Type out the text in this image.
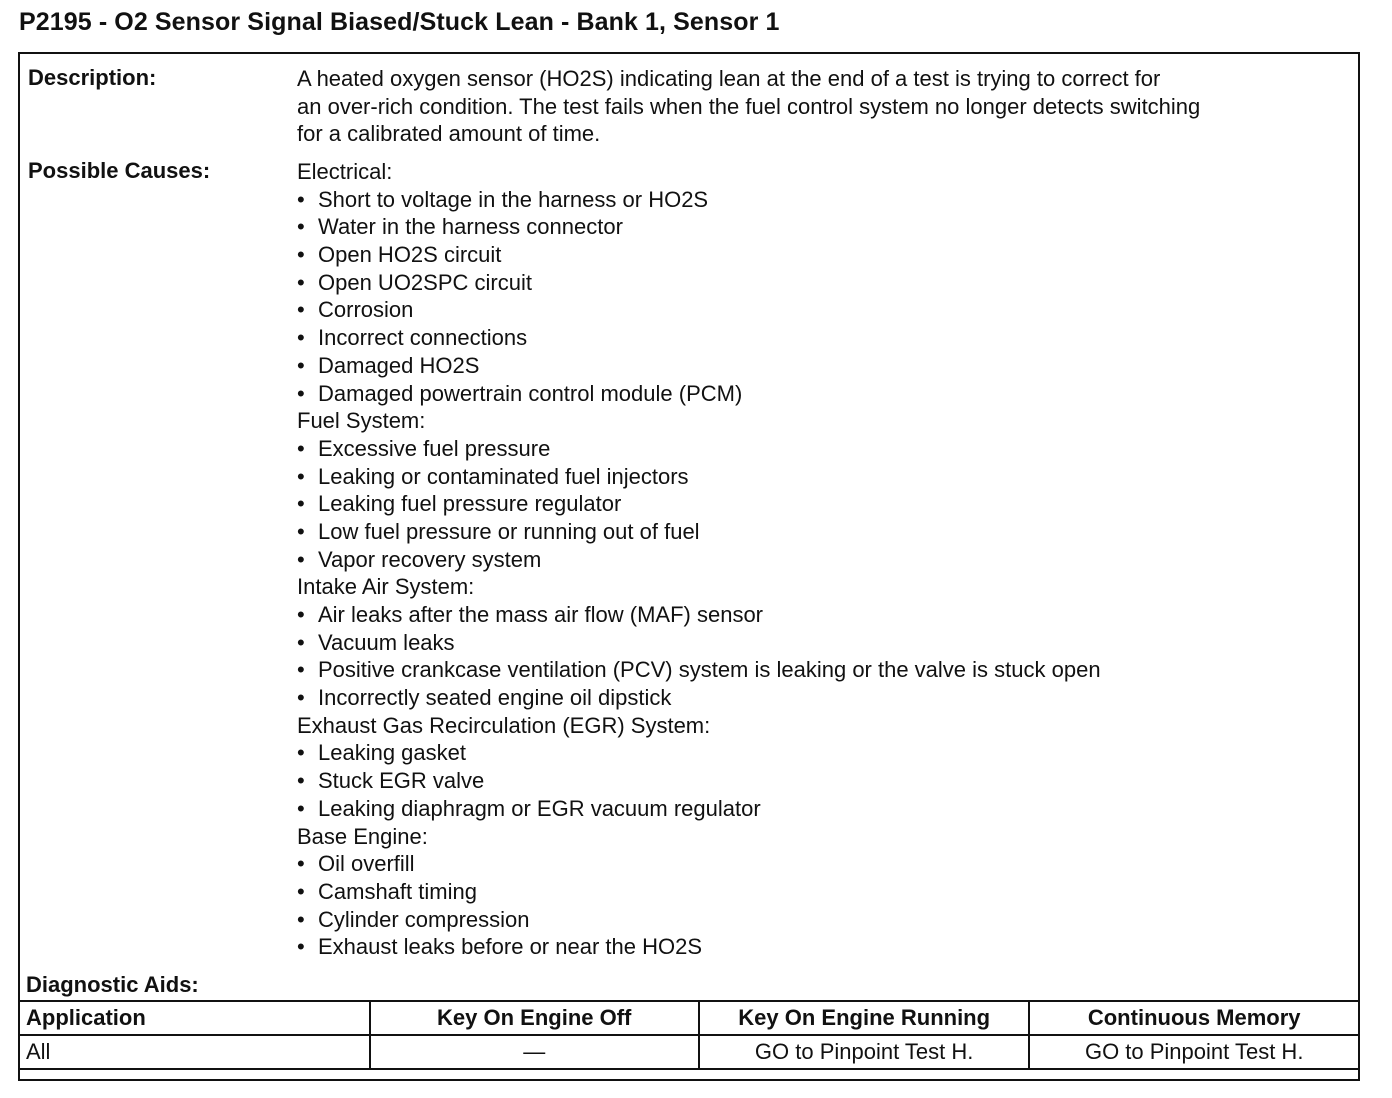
P2195 - O2 Sensor Signal Biased/Stuck Lean - Bank 1, Sensor 1
Description:	A heated oxygen sensor (HO2S) indicating lean at the end of a test is trying to correct for
an over-rich condition. The test fails when the fuel control system no longer detects switching
for a calibrated amount of time.
Possible Causes:	Electrical:
• Short to voltage in the harness or HO2S
• Water in the harness connector
• Open HO2S circuit
• Open UO2SPC circuit
• Corrosion
• Incorrect connections
• Damaged HO2S
• Damaged powertrain control module (PCM)
Fuel System:
• Excessive fuel pressure
• Leaking or contaminated fuel injectors
• Leaking fuel pressure regulator
• Low fuel pressure or running out of fuel
• Vapor recovery system
Intake Air System:
• Air leaks after the mass air flow (MAF) sensor
• Vacuum leaks
• Positive crankcase ventilation (PCV) system is leaking or the valve is stuck open
• Incorrectly seated engine oil dipstick
Exhaust Gas Recirculation (EGR) System:
• Leaking gasket
• Stuck EGR valve
• Leaking diaphragm or EGR vacuum regulator
Base Engine:
• Oil overfill
• Camshaft timing
• Cylinder compression
• Exhaust leaks before or near the HO2S
Diagnostic Aids:
Application	Key On Engine Off	Key On Engine Running	Continuous Memory
All	—	GO to Pinpoint Test H.	GO to Pinpoint Test H.
